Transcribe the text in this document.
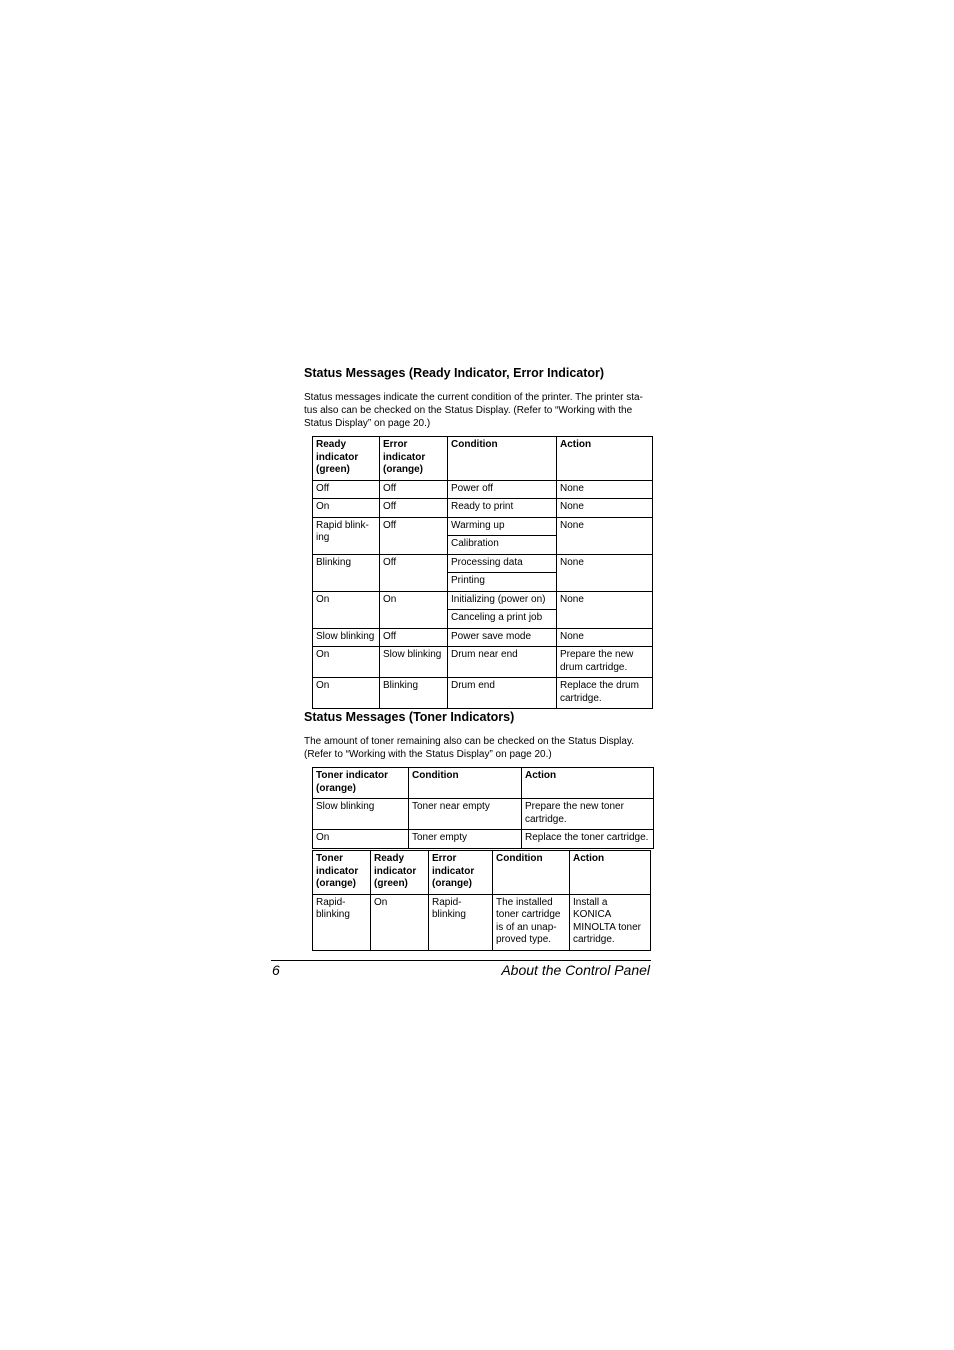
Status Messages (Ready Indicator, Error Indicator)

Status messages indicate the current condition of the printer. The printer sta-
tus also can be checked on the Status Display. (Refer to “Working with the
Status Display” on page 20.)

Ready
indicator
(green)	Error
indicator
(orange)	Condition	Action

Off	Off	Power off	None

On	Off	Ready to print	None

Rapid blink-
ing	Off	Warming up	None

		Calibration	

Blinking	Off	Processing data	None

		Printing	

On	On	Initializing (power on)	None

		Canceling a print job	

Slow blinking	Off	Power save mode	None

On	Slow blinking	Drum near end	Prepare the new
drum cartridge.

On	Blinking	Drum end	Replace the drum
cartridge.
Status Messages (Toner Indicators)

The amount of toner remaining also can be checked on the Status Display.
(Refer to “Working with the Status Display” on page 20.)

Toner indicator
(orange)	Condition	Action

Slow blinking	Toner near empty	Prepare the new toner
cartridge.

On	Toner empty	Replace the toner cartridge.
Toner
indicator
(orange)	Ready
indicator
(green)	Error
indicator
(orange)	Condition	Action

Rapid-
blinking	On	Rapid-
blinking	The installed
toner cartridge
is of an unap-
proved type.	Install a
KONICA
MINOLTA toner
cartridge.
6	About the Control Panel
